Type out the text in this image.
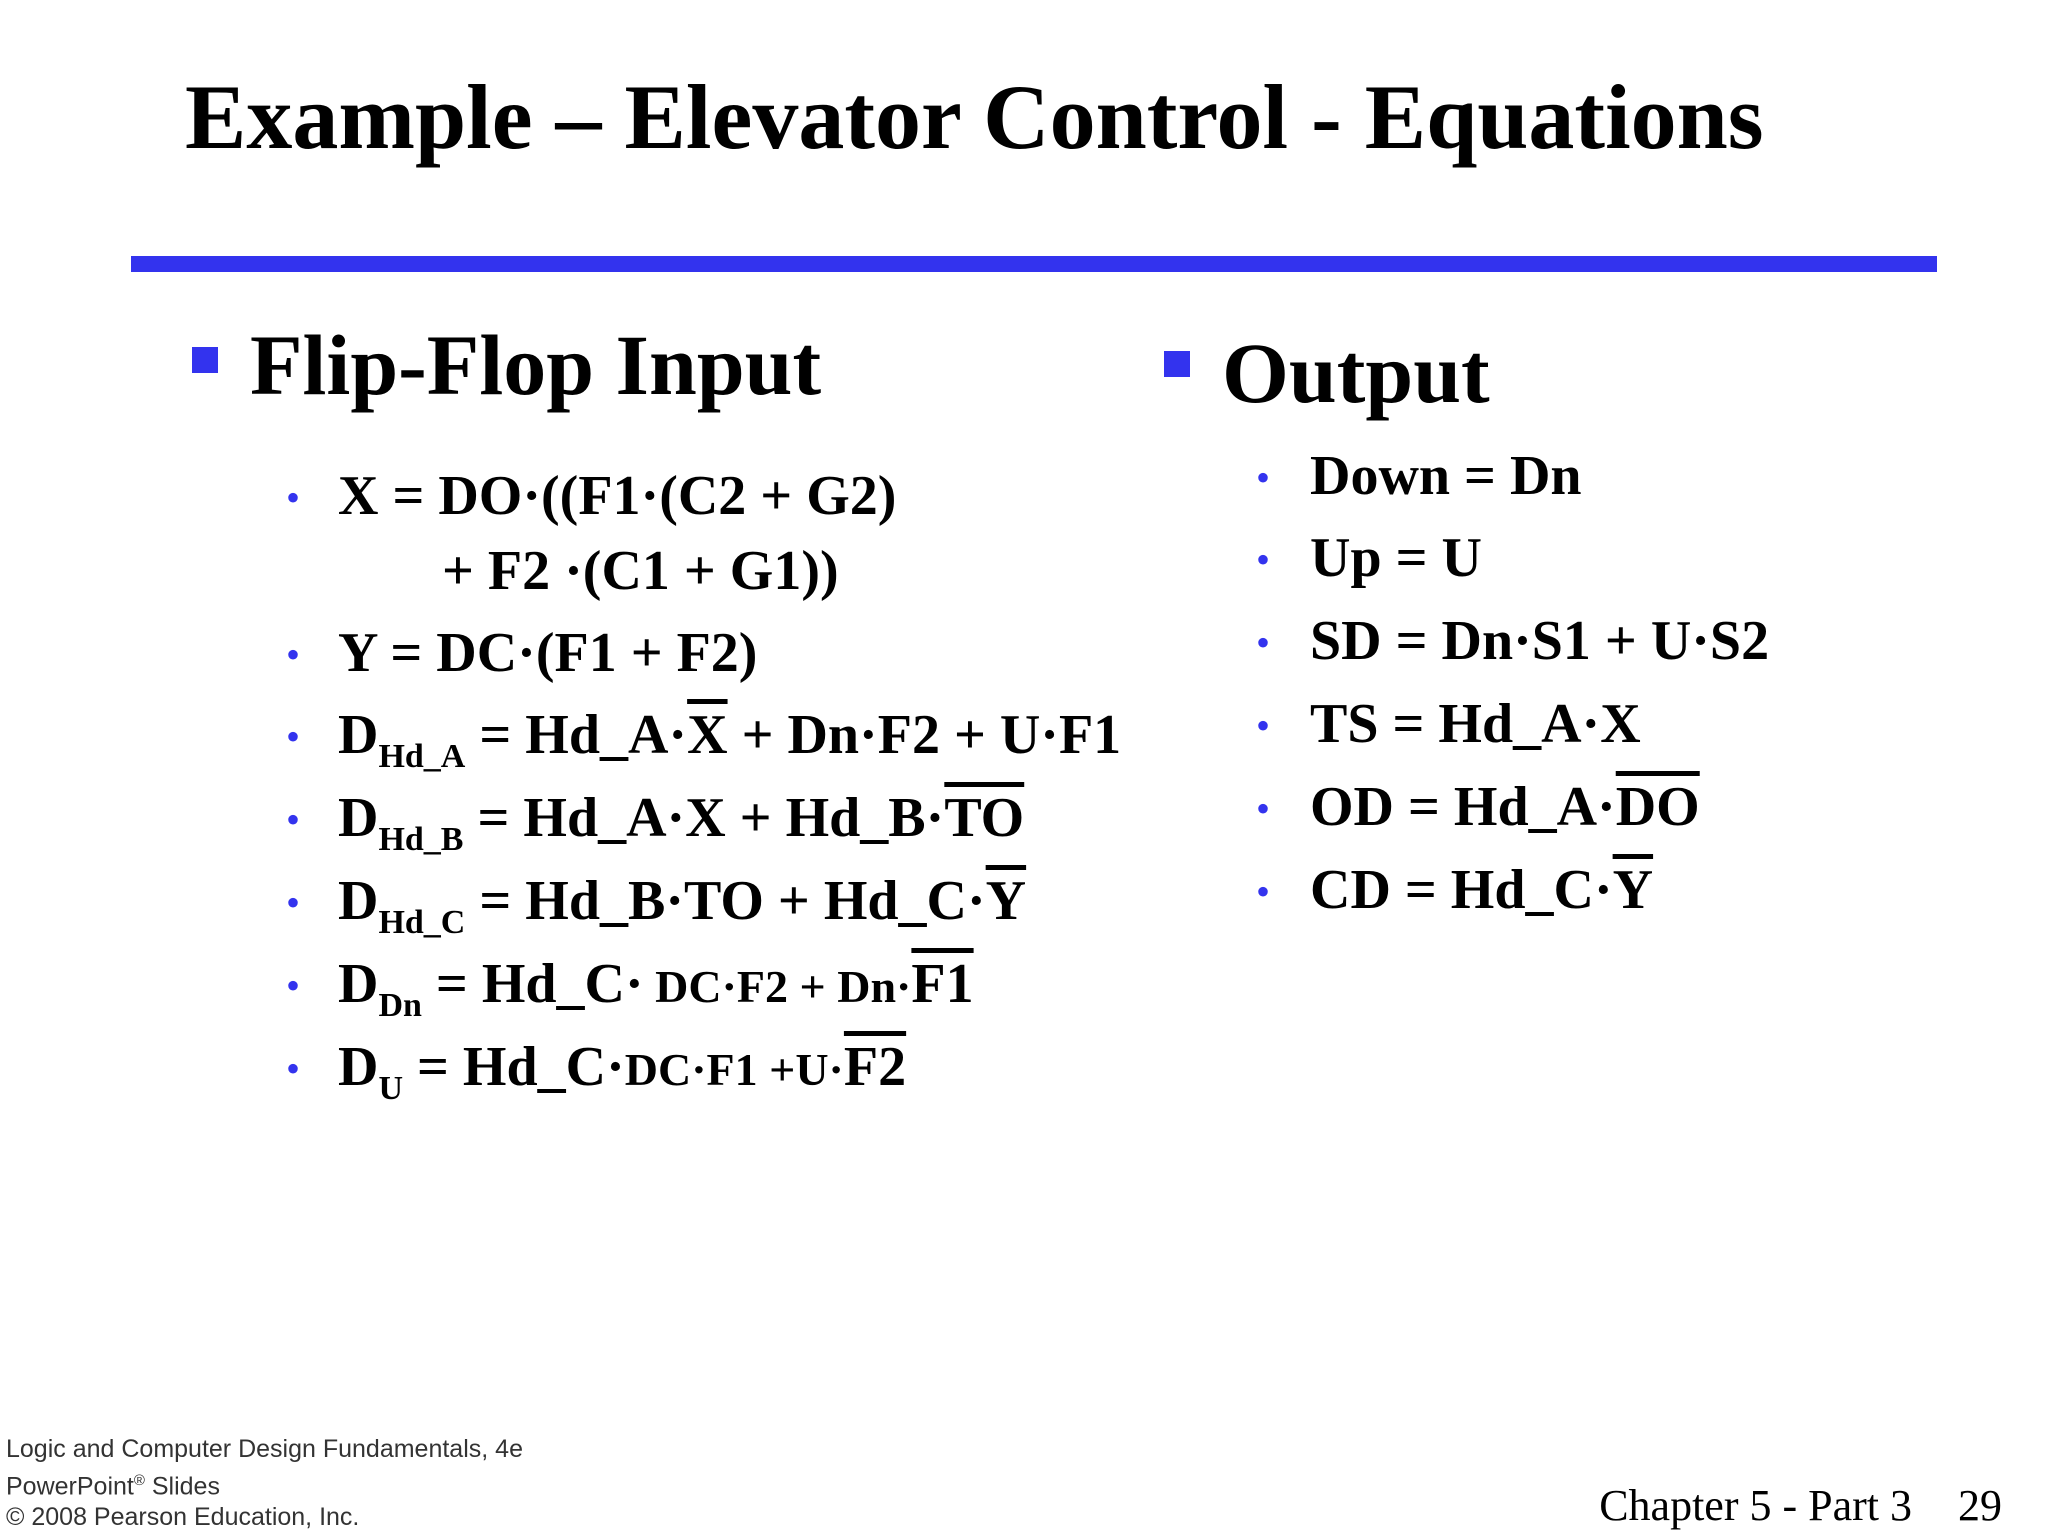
Example – Elevator Control - Equations
Flip-Flop Input
• X = DO·((F1·(C2 + G2)
+ F2 ·(C1 + G1))
• Y = DC·(F1 + F2)
• $D_{Hd\_A}$ = $Hd\_A\cdot\overline{X} + Dn\cdot F2 + U\cdot F1$
• $D_{Hd\_B}$ = Hd_A·X + $Hd\_B\cdot\overline{TO}$
• $D_{Hd\_C}$ = Hd_B·TO + $Hd\_C\cdot\overline{Y}$
• $D_{Dn}$ = Hd_C· DC·F2 + Dn·F1
• $D_U$ = Hd_C·DC·F1 +U·F2
Output
• Down = Dn
• Up = U
• SD = Dn·S1 + U·S2
• TS = Hd_A·X
• OD = $Hd\_A\cdot\overline{DO}$
• CD = $Hd\_C\cdot\overline{Y}$
Logic and Computer Design Fundamentals, 4e
PowerPoint® Slides
© 2008 Pearson Education, Inc.	Chapter 5 - Part 3 29
